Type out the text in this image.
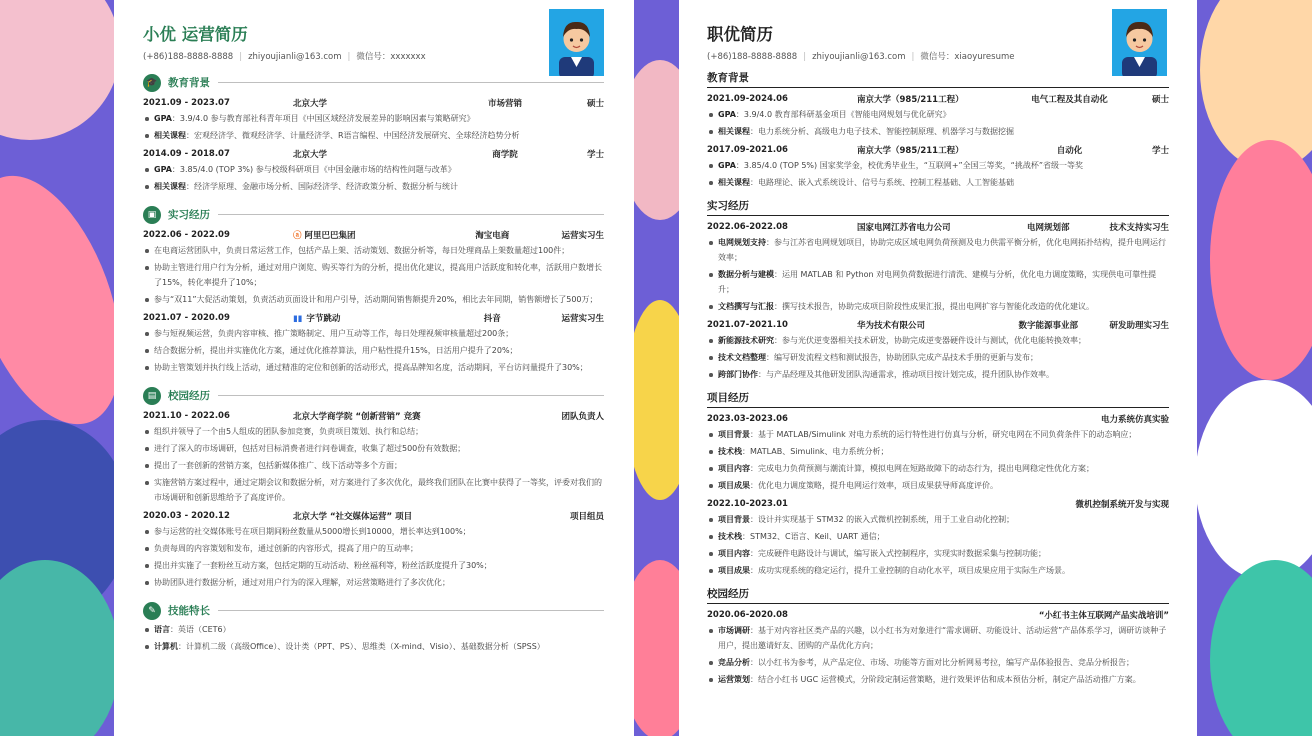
小优 运营简历
(+86)188-8888-8888 | zhiyoujianli@163.com | 微信号：xxxxxxx
🎓 教育背景
2021.09 - 2023.07	北京大学	市场营销	硕士
GPA：3.9/4.0 参与教育部社科青年项目《中国区域经济发展差异的影响因素与策略研究》
相关课程：宏观经济学、微观经济学、计量经济学、R语言编程、中国经济发展研究、全球经济趋势分析
2014.09 - 2018.07	北京大学	商学院	学士
GPA：3.85/4.0 (TOP 3%) 参与校级科研项目《中国金融市场的结构性问题与改革》
相关课程：经济学原理、金融市场分析、国际经济学、经济政策分析、数据分析与统计
▣	实习经历
2022.06 - 2022.09	ⓐ 阿里巴巴集团	淘宝电商	运营实习生
在电商运营团队中，负责日常运营工作，包括产品上架、活动策划、数据分析等，每日处理商品上架数量超过100件；
协助主管进行用户行为分析，通过对用户浏览、购买等行为的分析，提出优化建议，提高用户活跃度和转化率，活跃用户数增长了15%，转化率提升了10%；
参与“双11”大促活动策划，负责活动页面设计和用户引导，活动期间销售额提升20%，相比去年同期，销售额增长了500万；
2021.07 - 2020.09	▮▮ 字节跳动	抖音	运营实习生
参与短视频运营，负责内容审核、推广策略制定、用户互动等工作，每日处理视频审核量超过200条；
结合数据分析，提出并实施优化方案，通过优化推荐算法，用户粘性提升15%，日活用户提升了20%；
协助主管策划并执行线上活动，通过精准的定位和创新的活动形式，提高品牌知名度，活动期间，平台访问量提升了30%；
▤	校园经历
2021.10 - 2022.06	北京大学商学院 “创新营销” 竞赛	团队负责人
组织并领导了一个由5人组成的团队参加竞赛，负责项目策划、执行和总结；
进行了深入的市场调研，包括对目标消费者进行问卷调查，收集了超过500份有效数据；
提出了一套创新的营销方案，包括新媒体推广、线下活动等多个方面；
实施营销方案过程中，通过定期会议和数据分析，对方案进行了多次优化，最终我们团队在比赛中获得了一等奖，评委对我们的市场调研和创新思维给予了高度评价。
2020.03 - 2020.12	北京大学 “社交媒体运营” 项目	项目组员
参与运营的社交媒体账号在项目期间粉丝数量从5000增长到10000，增长率达到100%；
负责每周的内容策划和发布，通过创新的内容形式，提高了用户的互动率；
提出并实施了一套粉丝互动方案，包括定期的互动活动、粉丝福利等，粉丝活跃度提升了30%；
协助团队进行数据分析，通过对用户行为的深入理解，对运营策略进行了多次优化；
✎	技能特长
语言：英语（CET6）
计算机：计算机二级（高级Office）、设计类（PPT、PS）、思维类（X-mind、Visio）、基础数据分析（SPSS）
职优简历
(+86)188-8888-8888 | zhiyoujianli@163.com | 微信号：xiaoyuresume
教育背景
2021.09-2024.06	南京大学（985/211工程）	电气工程及其自动化	硕士
GPA：3.9/4.0 教育部科研基金项目《智能电网规划与优化研究》
相关课程：电力系统分析、高级电力电子技术、智能控制原理、机器学习与数据挖掘
2017.09-2021.06	南京大学（985/211工程）	自动化	学士
GPA：3.85/4.0 (TOP 5%) 国家奖学金，校优秀毕业生，“互联网+”全国三等奖，“挑战杯”省级一等奖
相关课程：电路理论、嵌入式系统设计、信号与系统、控制工程基础、人工智能基础
实习经历
2022.06-2022.08	国家电网江苏省电力公司	电网规划部	技术支持实习生
电网规划支持：参与江苏省电网规划项目，协助完成区域电网负荷预测及电力供需平衡分析，优化电网拓扑结构，提升电网运行效率；
数据分析与建模：运用 MATLAB 和 Python 对电网负荷数据进行清洗、建模与分析，优化电力调度策略，实现供电可靠性提升；
文档撰写与汇报：撰写技术报告，协助完成项目阶段性成果汇报，提出电网扩容与智能化改造的优化建议。
2021.07-2021.10	华为技术有限公司	数字能源事业部	研发助理实习生
新能源技术研究：参与光伏逆变器相关技术研发，协助完成逆变器硬件设计与测试，优化电能转换效率；
技术文档整理：编写研发流程文档和测试报告，协助团队完成产品技术手册的更新与发布；
跨部门协作：与产品经理及其他研发团队沟通需求，推动项目按计划完成，提升团队协作效率。
项目经历
2023.03-2023.06	电力系统仿真实验
项目背景：基于 MATLAB/Simulink 对电力系统的运行特性进行仿真与分析，研究电网在不同负荷条件下的动态响应；
技术栈：MATLAB、Simulink、电力系统分析；
项目内容：完成电力负荷预测与潮流计算，模拟电网在短路故障下的动态行为，提出电网稳定性优化方案；
项目成果：优化电力调度策略，提升电网运行效率，项目成果获导师高度评价。
2022.10-2023.01	微机控制系统开发与实现
项目背景：设计并实现基于 STM32 的嵌入式微机控制系统，用于工业自动化控制；
技术栈：STM32、C语言、Keil、UART 通信；
项目内容：完成硬件电路设计与调试，编写嵌入式控制程序，实现实时数据采集与控制功能；
项目成果：成功实现系统的稳定运行，提升工业控制的自动化水平，项目成果应用于实际生产场景。
校园经历
2020.06-2020.08	“小红书主体互联网产品实战培训”
市场调研：基于对内容社区类产品的兴趣，以小红书为对象进行“需求调研、功能设计、活动运营”产品体系学习，调研访谈种子用户，提出邀请好友、团购的产品优化方向；
竞品分析：以小红书为参考，从产品定位、市场、功能等方面对比分析网易考拉，编写产品体验报告、竞品分析报告；
运营策划：结合小红书 UGC 运营模式，分阶段定制运营策略，进行效果评估和成本预估分析，制定产品活动推广方案。
